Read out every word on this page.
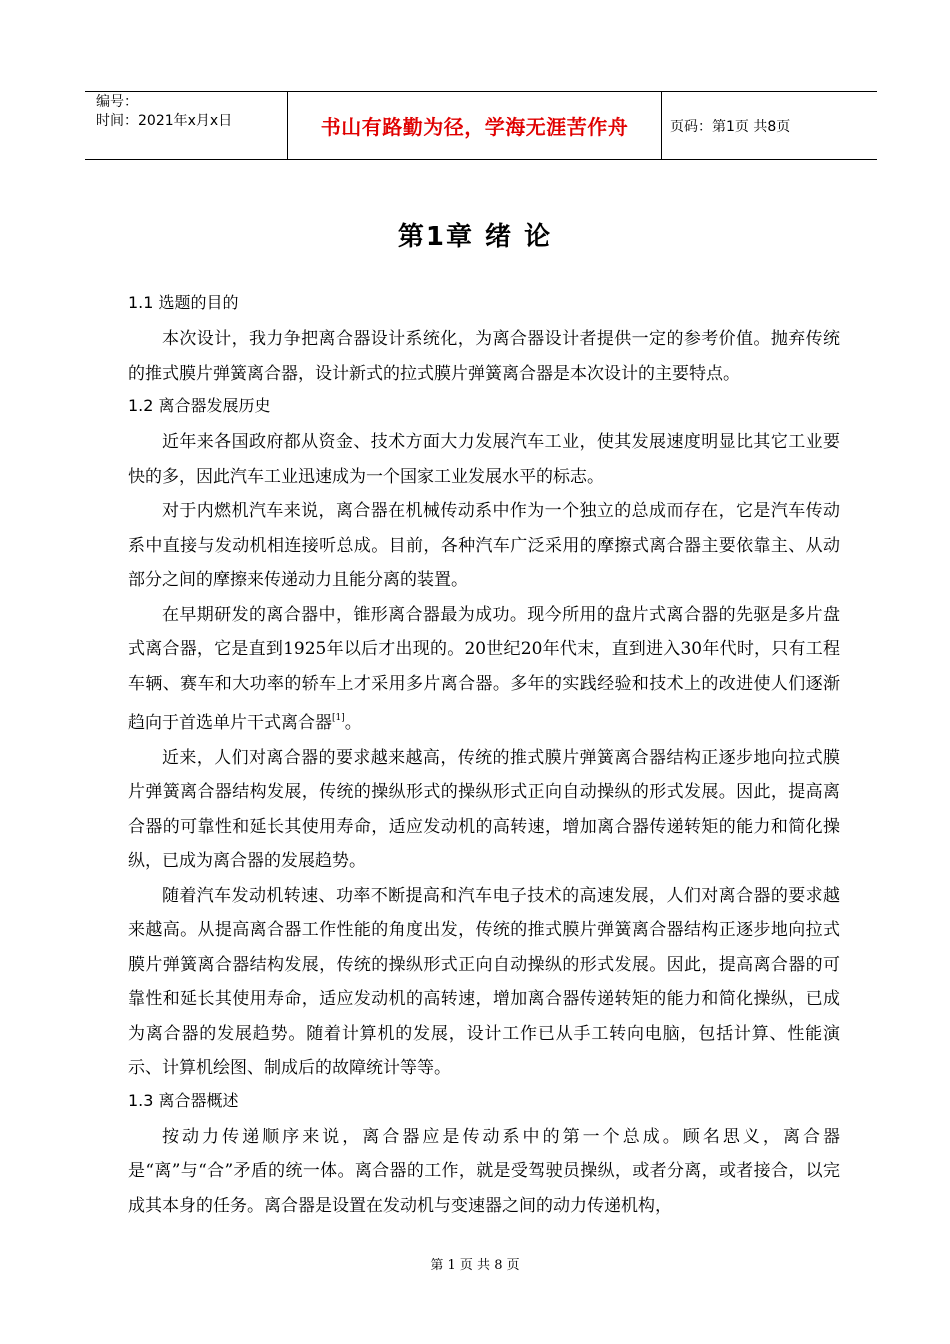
编号：
时间：2021年x月x日	书山有路勤为径，学海无涯苦作舟	页码：第1页 共8页
第1章 绪 论
1.1 选题的目的

本次设计，我力争把离合器设计系统化，为离合器设计者提供一定的参考价值。抛弃传统的推式膜片弹簧离合器，设计新式的拉式膜片弹簧离合器是本次设计的主要特点。

1.2 离合器发展历史

近年来各国政府都从资金、技术方面大力发展汽车工业，使其发展速度明显比其它工业要快的多，因此汽车工业迅速成为一个国家工业发展水平的标志。

对于内燃机汽车来说，离合器在机械传动系中作为一个独立的总成而存在，它是汽车传动系中直接与发动机相连接听总成。目前，各种汽车广泛采用的摩擦式离合器主要依靠主、从动部分之间的摩擦来传递动力且能分离的装置。

在早期研发的离合器中，锥形离合器最为成功。现今所用的盘片式离合器的先驱是多片盘式离合器，它是直到1925年以后才出现的。20世纪20年代末，直到进入30年代时，只有工程车辆、赛车和大功率的轿车上才采用多片离合器。多年的实践经验和技术上的改进使人们逐渐趋向于首选单片干式离合器[1]。

近来，人们对离合器的要求越来越高，传统的推式膜片弹簧离合器结构正逐步地向拉式膜片弹簧离合器结构发展，传统的操纵形式的操纵形式正向自动操纵的形式发展。因此，提高离合器的可靠性和延长其使用寿命，适应发动机的高转速，增加离合器传递转矩的能力和简化操纵，已成为离合器的发展趋势。

随着汽车发动机转速、功率不断提高和汽车电子技术的高速发展，人们对离合器的要求越来越高。从提高离合器工作性能的角度出发，传统的推式膜片弹簧离合器结构正逐步地向拉式膜片弹簧离合器结构发展，传统的操纵形式正向自动操纵的形式发展。因此，提高离合器的可靠性和延长其使用寿命，适应发动机的高转速，增加离合器传递转矩的能力和简化操纵，已成为离合器的发展趋势。随着计算机的发展，设计工作已从手工转向电脑，包括计算、性能演示、计算机绘图、制成后的故障统计等等。

1.3 离合器概述

按动力传递顺序来说，离合器应是传动系中的第一个总成。顾名思义，离合器是“离”与“合”矛盾的统一体。离合器的工作，就是受驾驶员操纵，或者分离，或者接合，以完成其本身的任务。离合器是设置在发动机与变速器之间的动力传递机构，

第 1 页 共 8 页
